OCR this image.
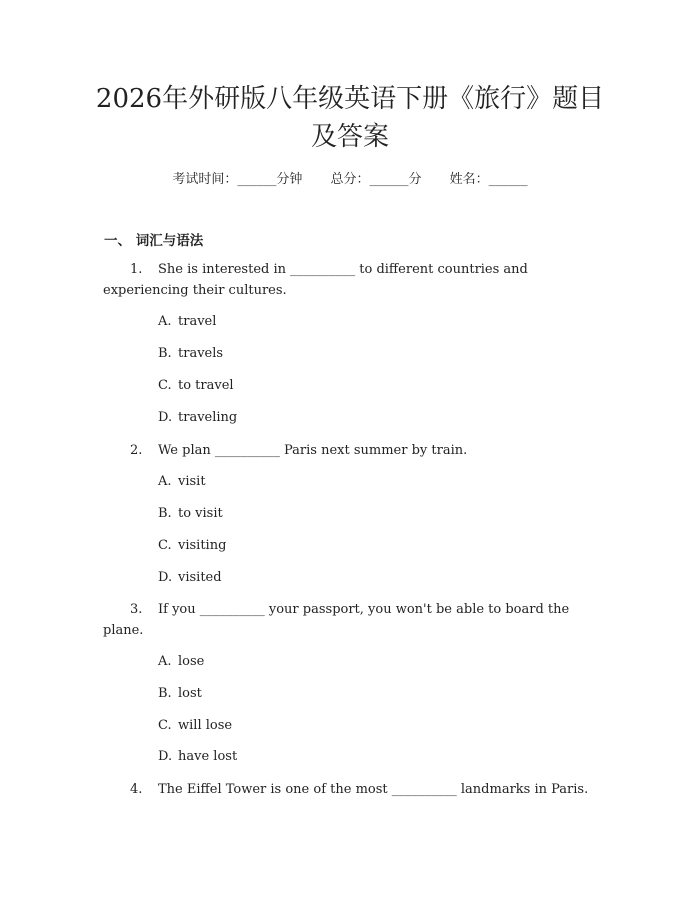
2026年外研版八年级英语下册《旅行》题目
及答案
考试时间：______分钟 总分：______分 姓名：______
一、 词汇与语法
1. She is interested in __________ to different countries and experiencing their cultures.
A. travel
B. travels
C. to travel
D. traveling
2. We plan __________ Paris next summer by train.
A. visit
B. to visit
C. visiting
D. visited
3. If you __________ your passport, you won't be able to board the plane.
A. lose
B. lost
C. will lose
D. have lost
4. The Eiffel Tower is one of the most __________ landmarks in Paris.
